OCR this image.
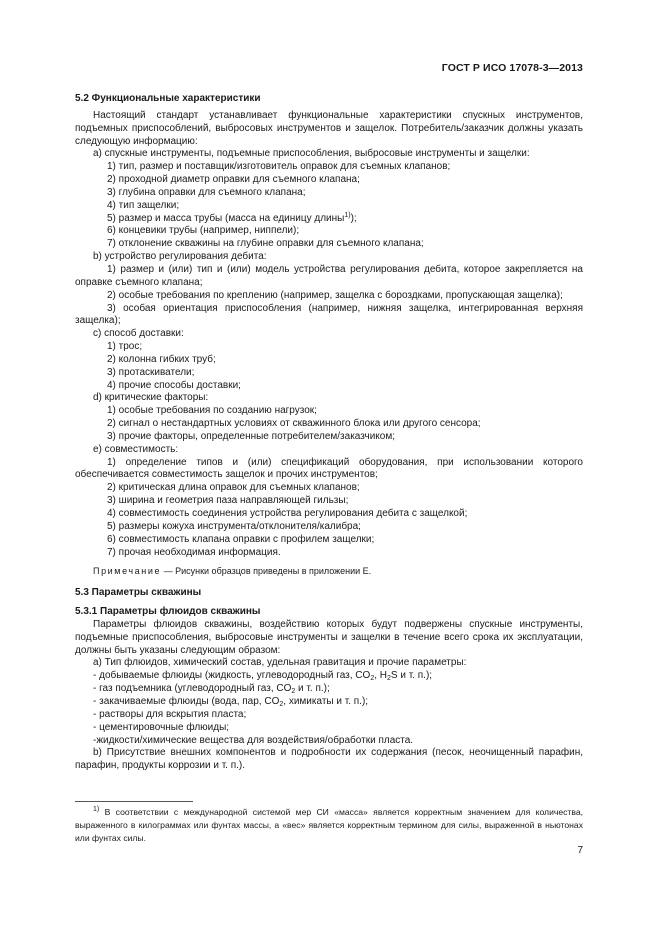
ГОСТ Р ИСО 17078-3—2013

5.2 Функциональные характеристики

Настоящий стандарт устанавливает функциональные характеристики спускных инструментов, подъемных приспособлений, выбросовых инструментов и защелок. Потребитель/заказчик должны указать следующую информацию:

а) спускные инструменты, подъемные приспособления, выбросовые инструменты и защелки:

1) тип, размер и поставщик/изготовитель оправок для съемных клапанов;

2) проходной диаметр оправки для съемного клапана;

3) глубина оправки для съемного клапана;

4) тип защелки;

5) размер и масса трубы (масса на единицу длины$^{1)}$);

6) концевики трубы (например, ниппели);

7) отклонение скважины на глубине оправки для съемного клапана;

b) устройство регулирования дебита:

1) размер и (или) тип и (или) модель устройства регулирования дебита, которое закрепляется на оправке съемного клапана;

2) особые требования по креплению (например, защелка с бороздками, пропускающая защелка);

3) особая ориентация приспособления (например, нижняя защелка, интегрированная верхняя защелка);

c) способ доставки:

1) трос;

2) колонна гибких труб;

3) протаскиватели;

4) прочие способы доставки;

d) критические факторы:

1) особые требования по созданию нагрузок;

2) сигнал о нестандартных условиях от скважинного блока или другого сенсора;

3) прочие факторы, определенные потребителем/заказчиком;

e) совместимость:

1) определение типов и (или) спецификаций оборудования, при использовании которого обеспечивается совместимость защелок и прочих инструментов;

2) критическая длина оправок для съемных клапанов;

3) ширина и геометрия паза направляющей гильзы;

4) совместимость соединения устройства регулирования дебита с защелкой;

5) размеры кожуха инструмента/отклонителя/калибра;

6) совместимость клапана оправки с профилем защелки;

7) прочая необходимая информация.

Примечание — Рисунки образцов приведены в приложении Е.

5.3 Параметры скважины

5.3.1 Параметры флюидов скважины

Параметры флюидов скважины, воздействию которых будут подвержены спускные инструменты, подъемные приспособления, выбросовые инструменты и защелки в течение всего срока их эксплуатации, должны быть указаны следующим образом:

а) Тип флюидов, химический состав, удельная гравитация и прочие параметры:

- добываемые флюиды (жидкость, углеводородный газ, $CO_2$, $H_2S$ и т. п.);

- газ подъемника (углеводородный газ, $CO_2$ и т. п.);

- закачиваемые флюиды (вода, пар, $CO_2$, химикаты и т. п.);

- растворы для вскрытия пласта;

- цементировочные флюиды;

-жидкости/химические вещества для воздействия/обработки пласта.

b) Присутствие внешних компонентов и подробности их содержания (песок, неочищенный парафин, парафин, продукты коррозии и т. п.).

$^{1)}$ В соответствии с международной системой мер СИ «масса» является корректным значением для количества, выраженного в килограммах или фунтах массы, а «вес» является корректным термином для силы, выраженной в ньютонах или фунтах силы.
7
